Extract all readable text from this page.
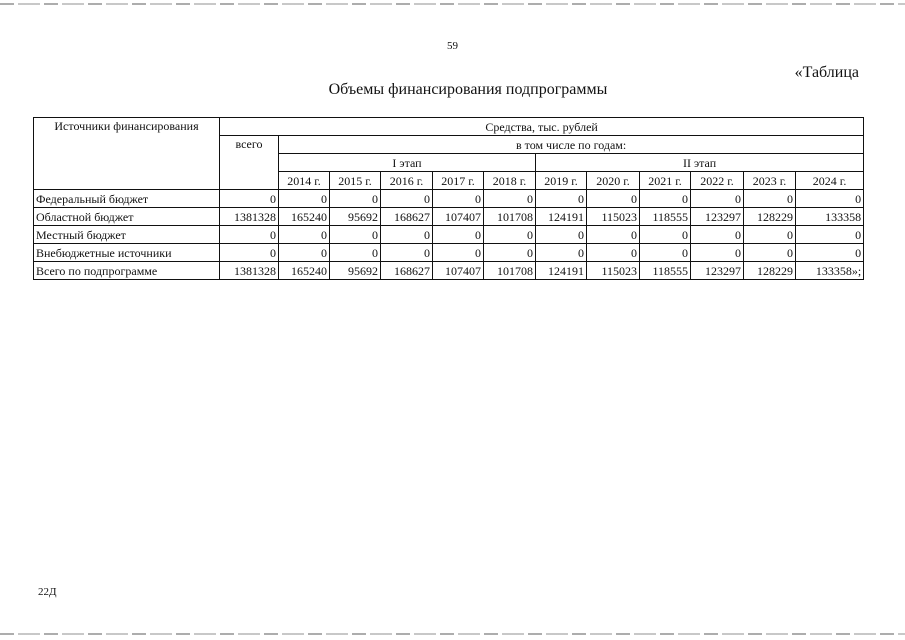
59
«Таблица
Объемы финансирования подпрограммы
Источники финансирования	Средства, тыс. рублей											
	всего	в том числе по годам:										
		I этап					II этап					
		2014 г.	2015 г.	2016 г.	2017 г.	2018 г.	2019 г.	2020 г.	2021 г.	2022 г.	2023 г.	2024 г.
Федеральный бюджет	0	0	0	0	0	0	0	0	0	0	0	0
Областной бюджет	1381328	165240	95692	168627	107407	101708	124191	115023	118555	123297	128229	133358
Местный бюджет	0	0	0	0	0	0	0	0	0	0	0	0
Внебюджетные источники	0	0	0	0	0	0	0	0	0	0	0	0
Всего по подпрограмме	1381328	165240	95692	168627	107407	101708	124191	115023	118555	123297	128229	133358»;
22Д
